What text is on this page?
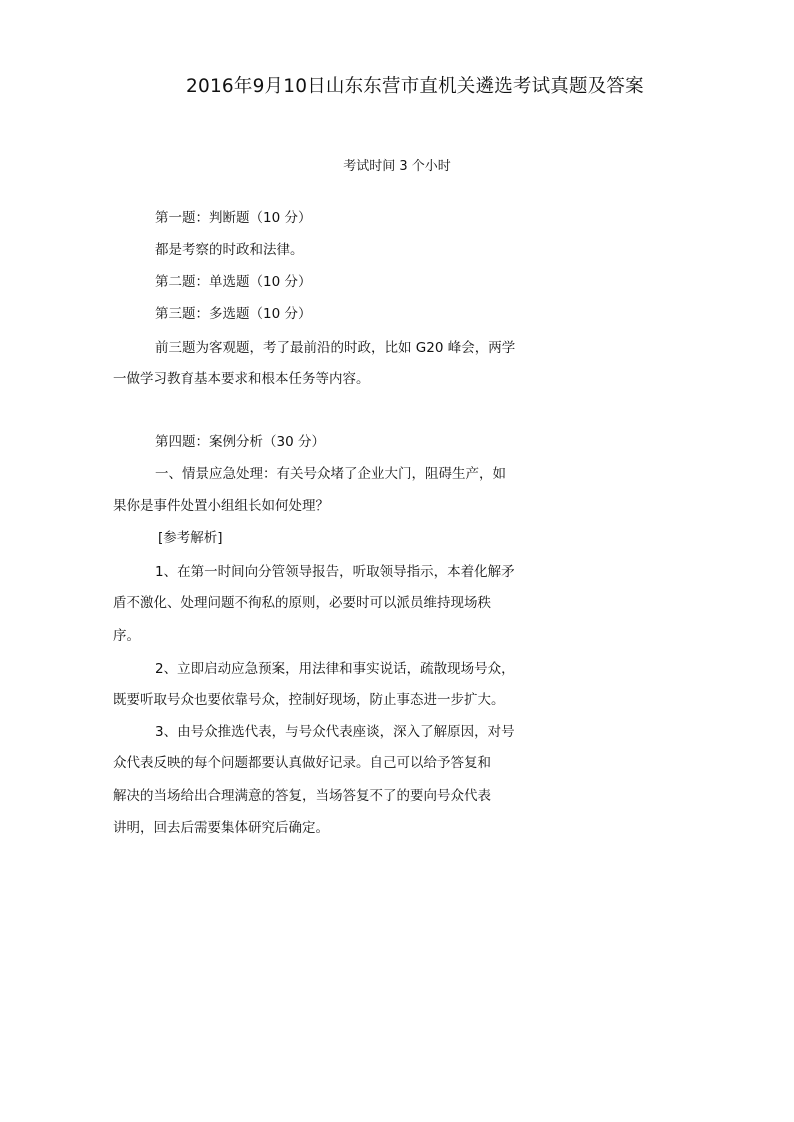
2016年9月10日山东东营市直机关遴选考试真题及答案
考试时间 3 个小时
第一题：判断题（10 分）
都是考察的时政和法律。
第二题：单选题（10 分）
第三题：多选题（10 分）
前三题为客观题，考了最前沿的时政，比如 G20 峰会，两学
一做学习教育基本要求和根本任务等内容。
第四题：案例分析（30 分）
一、情景应急处理：有关号众堵了企业大门，阻碍生产，如
果你是事件处置小组组长如何处理？
[参考解析]
1、在第一时间向分管领导报告，听取领导指示，本着化解矛
盾不激化、处理问题不徇私的原则，必要时可以派员维持现场秩
序。
2、立即启动应急预案，用法律和事实说话，疏散现场号众，
既要听取号众也要依靠号众，控制好现场，防止事态进一步扩大。
3、由号众推选代表，与号众代表座谈，深入了解原因，对号
众代表反映的每个问题都要认真做好记录。自己可以给予答复和
解决的当场给出合理满意的答复，当场答复不了的要向号众代表
讲明，回去后需要集体研究后确定。
